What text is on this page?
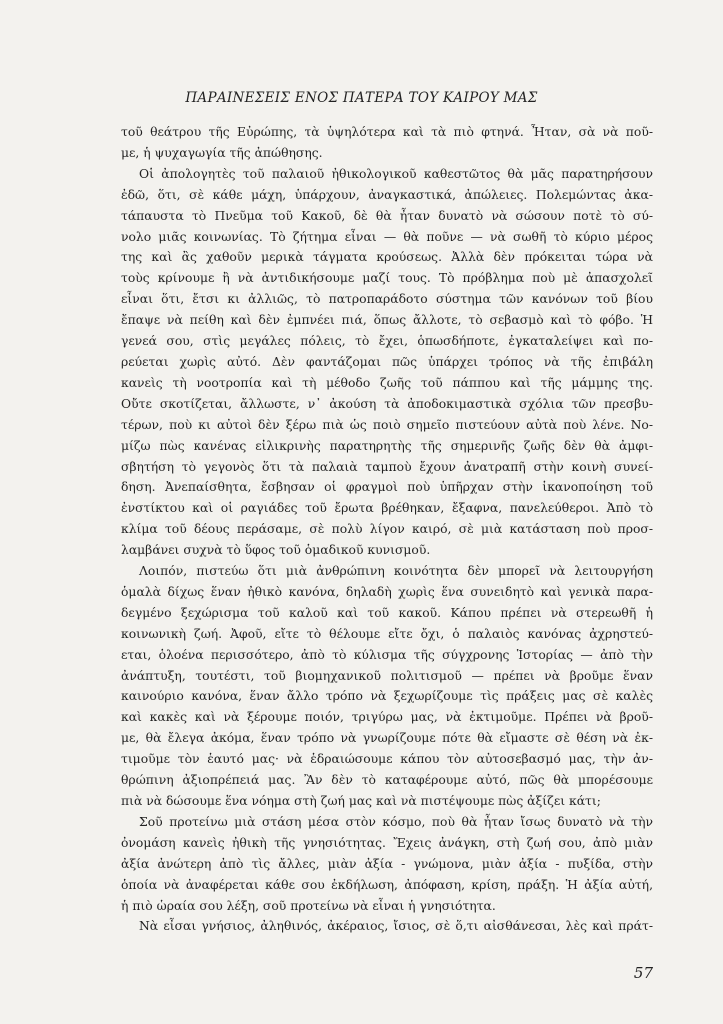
ΠΑΡΑΙΝΕΣΕΙΣ ΕΝΟΣ ΠΑΤΕΡΑ ΤΟΥ ΚΑΙΡΟΥ ΜΑΣ

τοῦ θεάτρου τῆς Εὐρώπης, τὰ ὑψηλότερα καὶ τὰ πιὸ φτηνά. Ἦταν, σὰ νὰ ποῦ-
με, ἡ ψυχαγωγία τῆς ἀπώθησης.

Οἱ ἀπολογητὲς τοῦ παλαιοῦ ἠθικολογικοῦ καθεστῶτος θὰ μᾶς παρατηρήσουν
ἐδῶ, ὅτι, σὲ κάθε μάχη, ὑπάρχουν, ἀναγκαστικά, ἀπώλειες. Πολεμώντας ἀκα-
τάπαυστα τὸ Πνεῦμα τοῦ Κακοῦ, δὲ θὰ ἦταν δυνατὸ νὰ σώσουν ποτὲ τὸ σύ-
νολο μιᾶς κοινωνίας. Τὸ ζήτημα εἶναι — θὰ ποῦνε — νὰ σωθῆ τὸ κύριο μέρος
της καὶ ἂς χαθοῦν μερικὰ τάγματα κρούσεως. Ἀλλὰ δὲν πρόκειται τώρα νὰ
τοὺς κρίνουμε ἢ νὰ ἀντιδικήσουμε μαζί τους. Τὸ πρόβλημα ποὺ μὲ ἀπασχολεῖ
εἶναι ὅτι, ἔτσι κι ἀλλιῶς, τὸ πατροπαράδοτο σύστημα τῶν κανόνων τοῦ βίου
ἔπαψε νὰ πείθη καὶ δὲν ἐμπνέει πιά, ὅπως ἄλλοτε, τὸ σεβασμὸ καὶ τὸ φόβο. Ἡ
γενεά σου, στὶς μεγάλες πόλεις, τὸ ἔχει, ὁπωσδήποτε, ἐγκαταλείψει καὶ πο-
ρεύεται χωρὶς αὐτό. Δὲν φαντάζομαι πῶς ὑπάρχει τρόπος νὰ τῆς ἐπιβάλη
κανεὶς τὴ νοοτροπία καὶ τὴ μέθοδο ζωῆς τοῦ πάππου καὶ τῆς μάμμης της.
Οὔτε σκοτίζεται, ἄλλωστε, ν᾿ ἀκούση τὰ ἀποδοκιμαστικὰ σχόλια τῶν πρεσβυ-
τέρων, ποὺ κι αὐτοὶ δὲν ξέρω πιὰ ὡς ποιὸ σημεῖο πιστεύουν αὐτὰ ποὺ λένε. Νο-
μίζω πὼς κανένας εἰλικρινὴς παρατηρητὴς τῆς σημερινῆς ζωῆς δὲν θὰ ἀμφι-
σβητήση τὸ γεγονὸς ὅτι τὰ παλαιὰ ταμποὺ ἔχουν ἀνατραπῆ στὴν κοινὴ συνεί-
δηση. Ἀνεπαίσθητα, ἔσβησαν οἱ φραγμοὶ ποὺ ὑπῆρχαν στὴν ἱκανοποίηση τοῦ
ἐνστίκτου καὶ οἱ ραγιάδες τοῦ ἔρωτα βρέθηκαν, ἔξαφνα, πανελεύθεροι. Ἀπὸ τὸ
κλίμα τοῦ δέους περάσαμε, σὲ πολὺ λίγον καιρό, σὲ μιὰ κατάσταση ποὺ προσ-
λαμβάνει συχνὰ τὸ ὕφος τοῦ ὁμαδικοῦ κυνισμοῦ.

Λοιπόν, πιστεύω ὅτι μιὰ ἀνθρώπινη κοινότητα δὲν μπορεῖ νὰ λειτουργήση
ὁμαλὰ δίχως ἕναν ἠθικὸ κανόνα, δηλαδὴ χωρὶς ἕνα συνειδητὸ καὶ γενικὰ παρα-
δεγμένο ξεχώρισμα τοῦ καλοῦ καὶ τοῦ κακοῦ. Κάπου πρέπει νὰ στερεωθῆ ἡ
κοινωνικὴ ζωή. Ἀφοῦ, εἴτε τὸ θέλουμε εἴτε ὄχι, ὁ παλαιὸς κανόνας ἀχρηστεύ-
εται, ὁλοένα περισσότερο, ἀπὸ τὸ κύλισμα τῆς σύγχρονης Ἱστορίας — ἀπὸ τὴν
ἀνάπτυξη, τουτέστι, τοῦ βιομηχανικοῦ πολιτισμοῦ — πρέπει νὰ βροῦμε ἕναν
καινούριο κανόνα, ἕναν ἄλλο τρόπο νὰ ξεχωρίζουμε τὶς πράξεις μας σὲ καλὲς
καὶ κακὲς καὶ νὰ ξέρουμε ποιόν, τριγύρω μας, νὰ ἐκτιμοῦμε. Πρέπει νὰ βροῦ-
με, θὰ ἔλεγα ἀκόμα, ἕναν τρόπο νὰ γνωρίζουμε πότε θὰ εἴμαστε σὲ θέση νὰ ἐκ-
τιμοῦμε τὸν ἑαυτό μας· νὰ ἑδραιώσουμε κάπου τὸν αὐτοσεβασμό μας, τὴν ἀν-
θρώπινη ἀξιοπρέπειά μας. Ἂν δὲν τὸ καταφέρουμε αὐτό, πῶς θὰ μπορέσουμε
πιὰ νὰ δώσουμε ἕνα νόημα στὴ ζωή μας καὶ νὰ πιστέψουμε πὼς ἀξίζει κάτι;

Σοῦ προτείνω μιὰ στάση μέσα στὸν κόσμο, ποὺ θὰ ἦταν ἴσως δυνατὸ νὰ τὴν
ὀνομάση κανεὶς ἠθικὴ τῆς γνησιότητας. Ἔχεις ἀνάγκη, στὴ ζωή σου, ἀπὸ μιὰν
ἀξία ἀνώτερη ἀπὸ τὶς ἄλλες, μιὰν ἀξία - γνώμονα, μιὰν ἀξία - πυξίδα, στὴν
ὁποία νὰ ἀναφέρεται κάθε σου ἐκδήλωση, ἀπόφαση, κρίση, πράξη. Ἡ ἀξία αὐτή,
ἡ πιὸ ὡραία σου λέξη, σοῦ προτείνω νὰ εἶναι ἡ γνησιότητα.

Νὰ εἶσαι γνήσιος, ἀληθινός, ἀκέραιος, ἴσιος, σὲ ὅ,τι αἰσθάνεσαι, λὲς καὶ πράτ-

57
